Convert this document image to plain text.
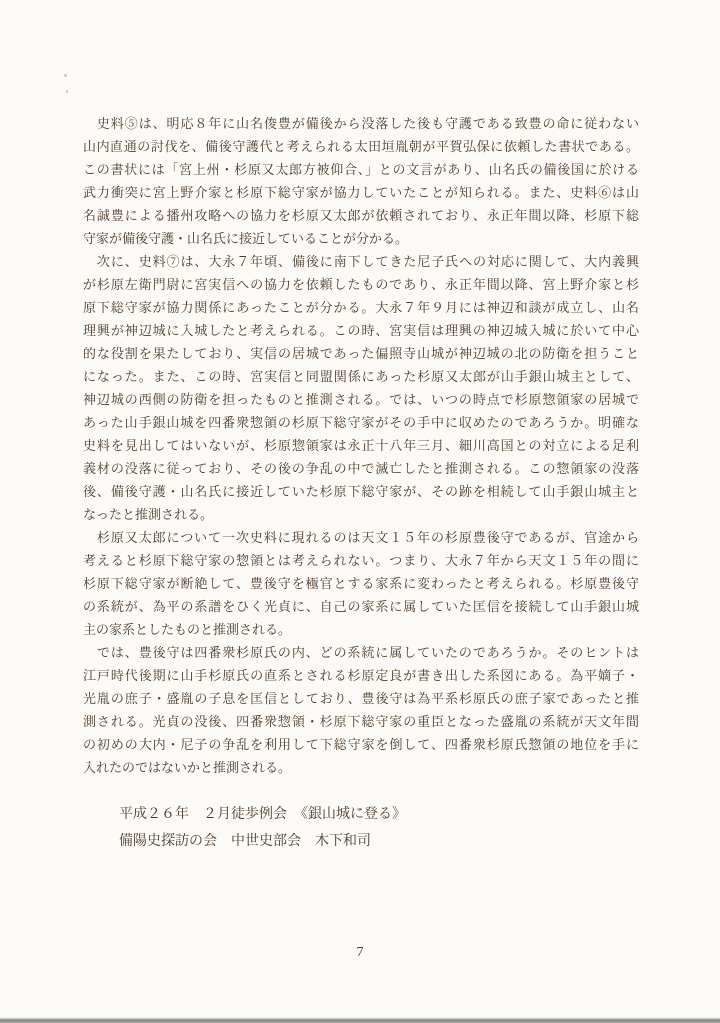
　史料⑤は、明応８年に山名俊豊が備後から没落した後も守護である致豊の命に従わない
山内直通の討伐を、備後守護代と考えられる太田垣胤朝が平賀弘保に依頼した書状である。
この書状には「宮上州・杉原又太郎方被仰合、」との文言があり、山名氏の備後国に於ける
武力衝突に宮上野介家と杉原下総守家が協力していたことが知られる。また、史料⑥は山
名誠豊による播州攻略への協力を杉原又太郎が依頼されており、永正年間以降、杉原下総
守家が備後守護・山名氏に接近していることが分かる。
　次に、史料⑦は、大永７年頃、備後に南下してきた尼子氏への対応に関して、大内義興
が杉原左衛門尉に宮実信への協力を依頼したものであり、永正年間以降、宮上野介家と杉
原下総守家が協力関係にあったことが分かる。大永７年９月には神辺和談が成立し、山名
理興が神辺城に入城したと考えられる。この時、宮実信は理興の神辺城入城に於いて中心
的な役割を果たしており、実信の居城であった偏照寺山城が神辺城の北の防衛を担うこと
になった。また、この時、宮実信と同盟関係にあった杉原又太郎が山手銀山城主として、
神辺城の西側の防衛を担ったものと推測される。では、いつの時点で杉原惣領家の居城で
あった山手銀山城を四番衆惣領の杉原下総守家がその手中に収めたのであろうか。明確な
史料を見出してはいないが、杉原惣領家は永正十八年三月、細川高国との対立による足利
義材の没落に従っており、その後の争乱の中で滅亡したと推測される。この惣領家の没落
後、備後守護・山名氏に接近していた杉原下総守家が、その跡を相続して山手銀山城主と
なったと推測される。
　杉原又太郎について一次史料に現れるのは天文１５年の杉原豊後守であるが、官途から
考えると杉原下総守家の惣領とは考えられない。つまり、大永７年から天文１５年の間に
杉原下総守家が断絶して、豊後守を極官とする家系に変わったと考えられる。杉原豊後守
の系統が、為平の系譜をひく光貞に、自己の家系に属していた匡信を接続して山手銀山城
主の家系としたものと推測される。
　では、豊後守は四番衆杉原氏の内、どの系統に属していたのであろうか。そのヒントは
江戸時代後期に山手杉原氏の直系とされる杉原定良が書き出した系図にある。為平嫡子・
光胤の庶子・盛胤の子息を匡信としており、豊後守は為平系杉原氏の庶子家であったと推
測される。光貞の没後、四番衆惣領・杉原下総守家の重臣となった盛胤の系統が天文年間
の初めの大内・尼子の争乱を利用して下総守家を倒して、四番衆杉原氏惣領の地位を手に
入れたのではないかと推測される。
平成２６年　２月徒歩例会　《銀山城に登る》
備陽史探訪の会　中世史部会　木下和司
7
